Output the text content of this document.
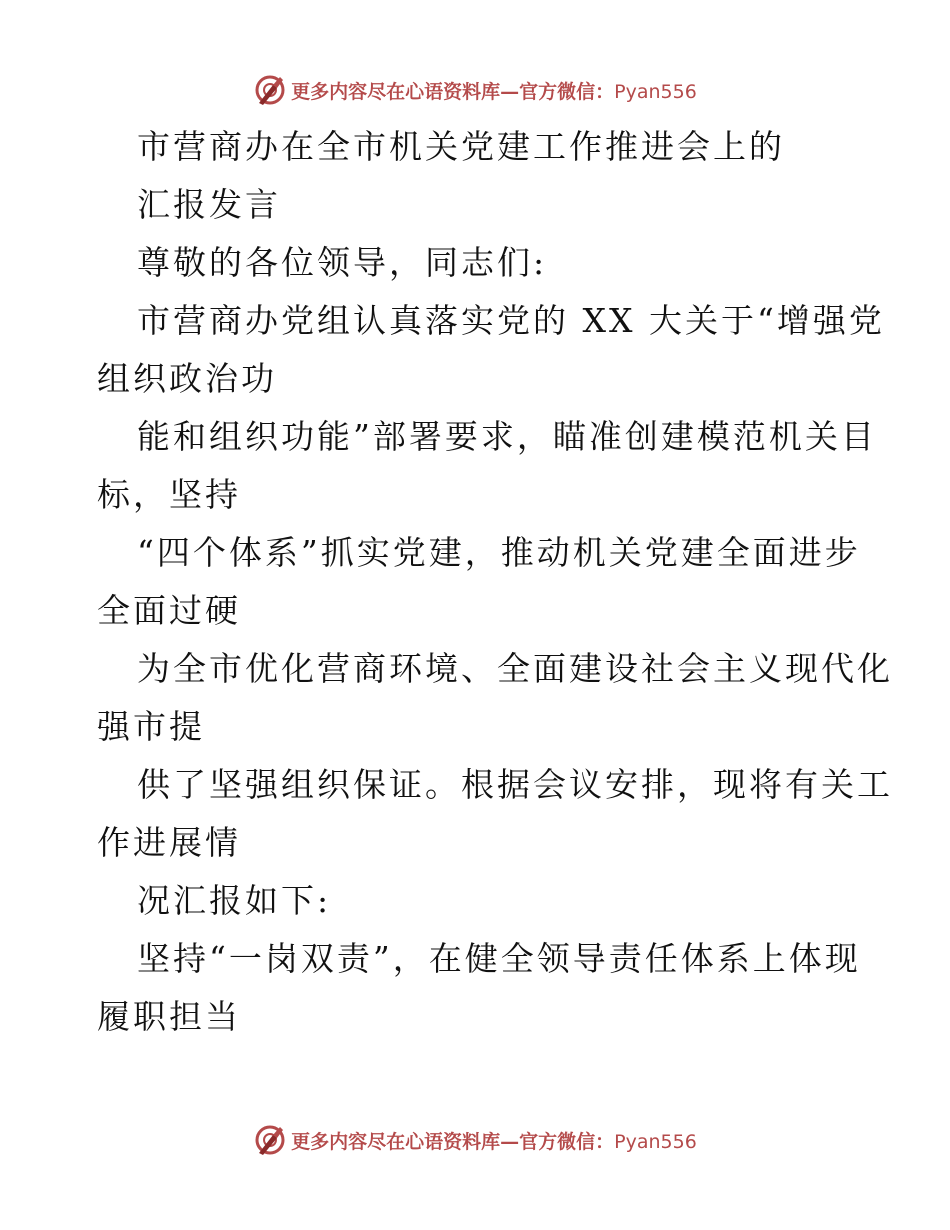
更多内容尽在心语资料库—官方微信：Pyan556
市营商办在全市机关党建工作推进会上的
汇报发言
尊敬的各位领导，同志们:
市营商办党组认真落实党的 XX 大关于“增强党
组织政治功
能和组织功能”部署要求，瞄准创建模范机关目
标，坚持
“四个体系”抓实党建，推动机关党建全面进步
全面过硬
为全市优化营商环境、全面建设社会主义现代化
强市提
供了坚强组织保证。根据会议安排，现将有关工
作进展情
况汇报如下:
坚持“一岗双责”，在健全领导责任体系上体现
履职担当
更多内容尽在心语资料库—官方微信：Pyan556
